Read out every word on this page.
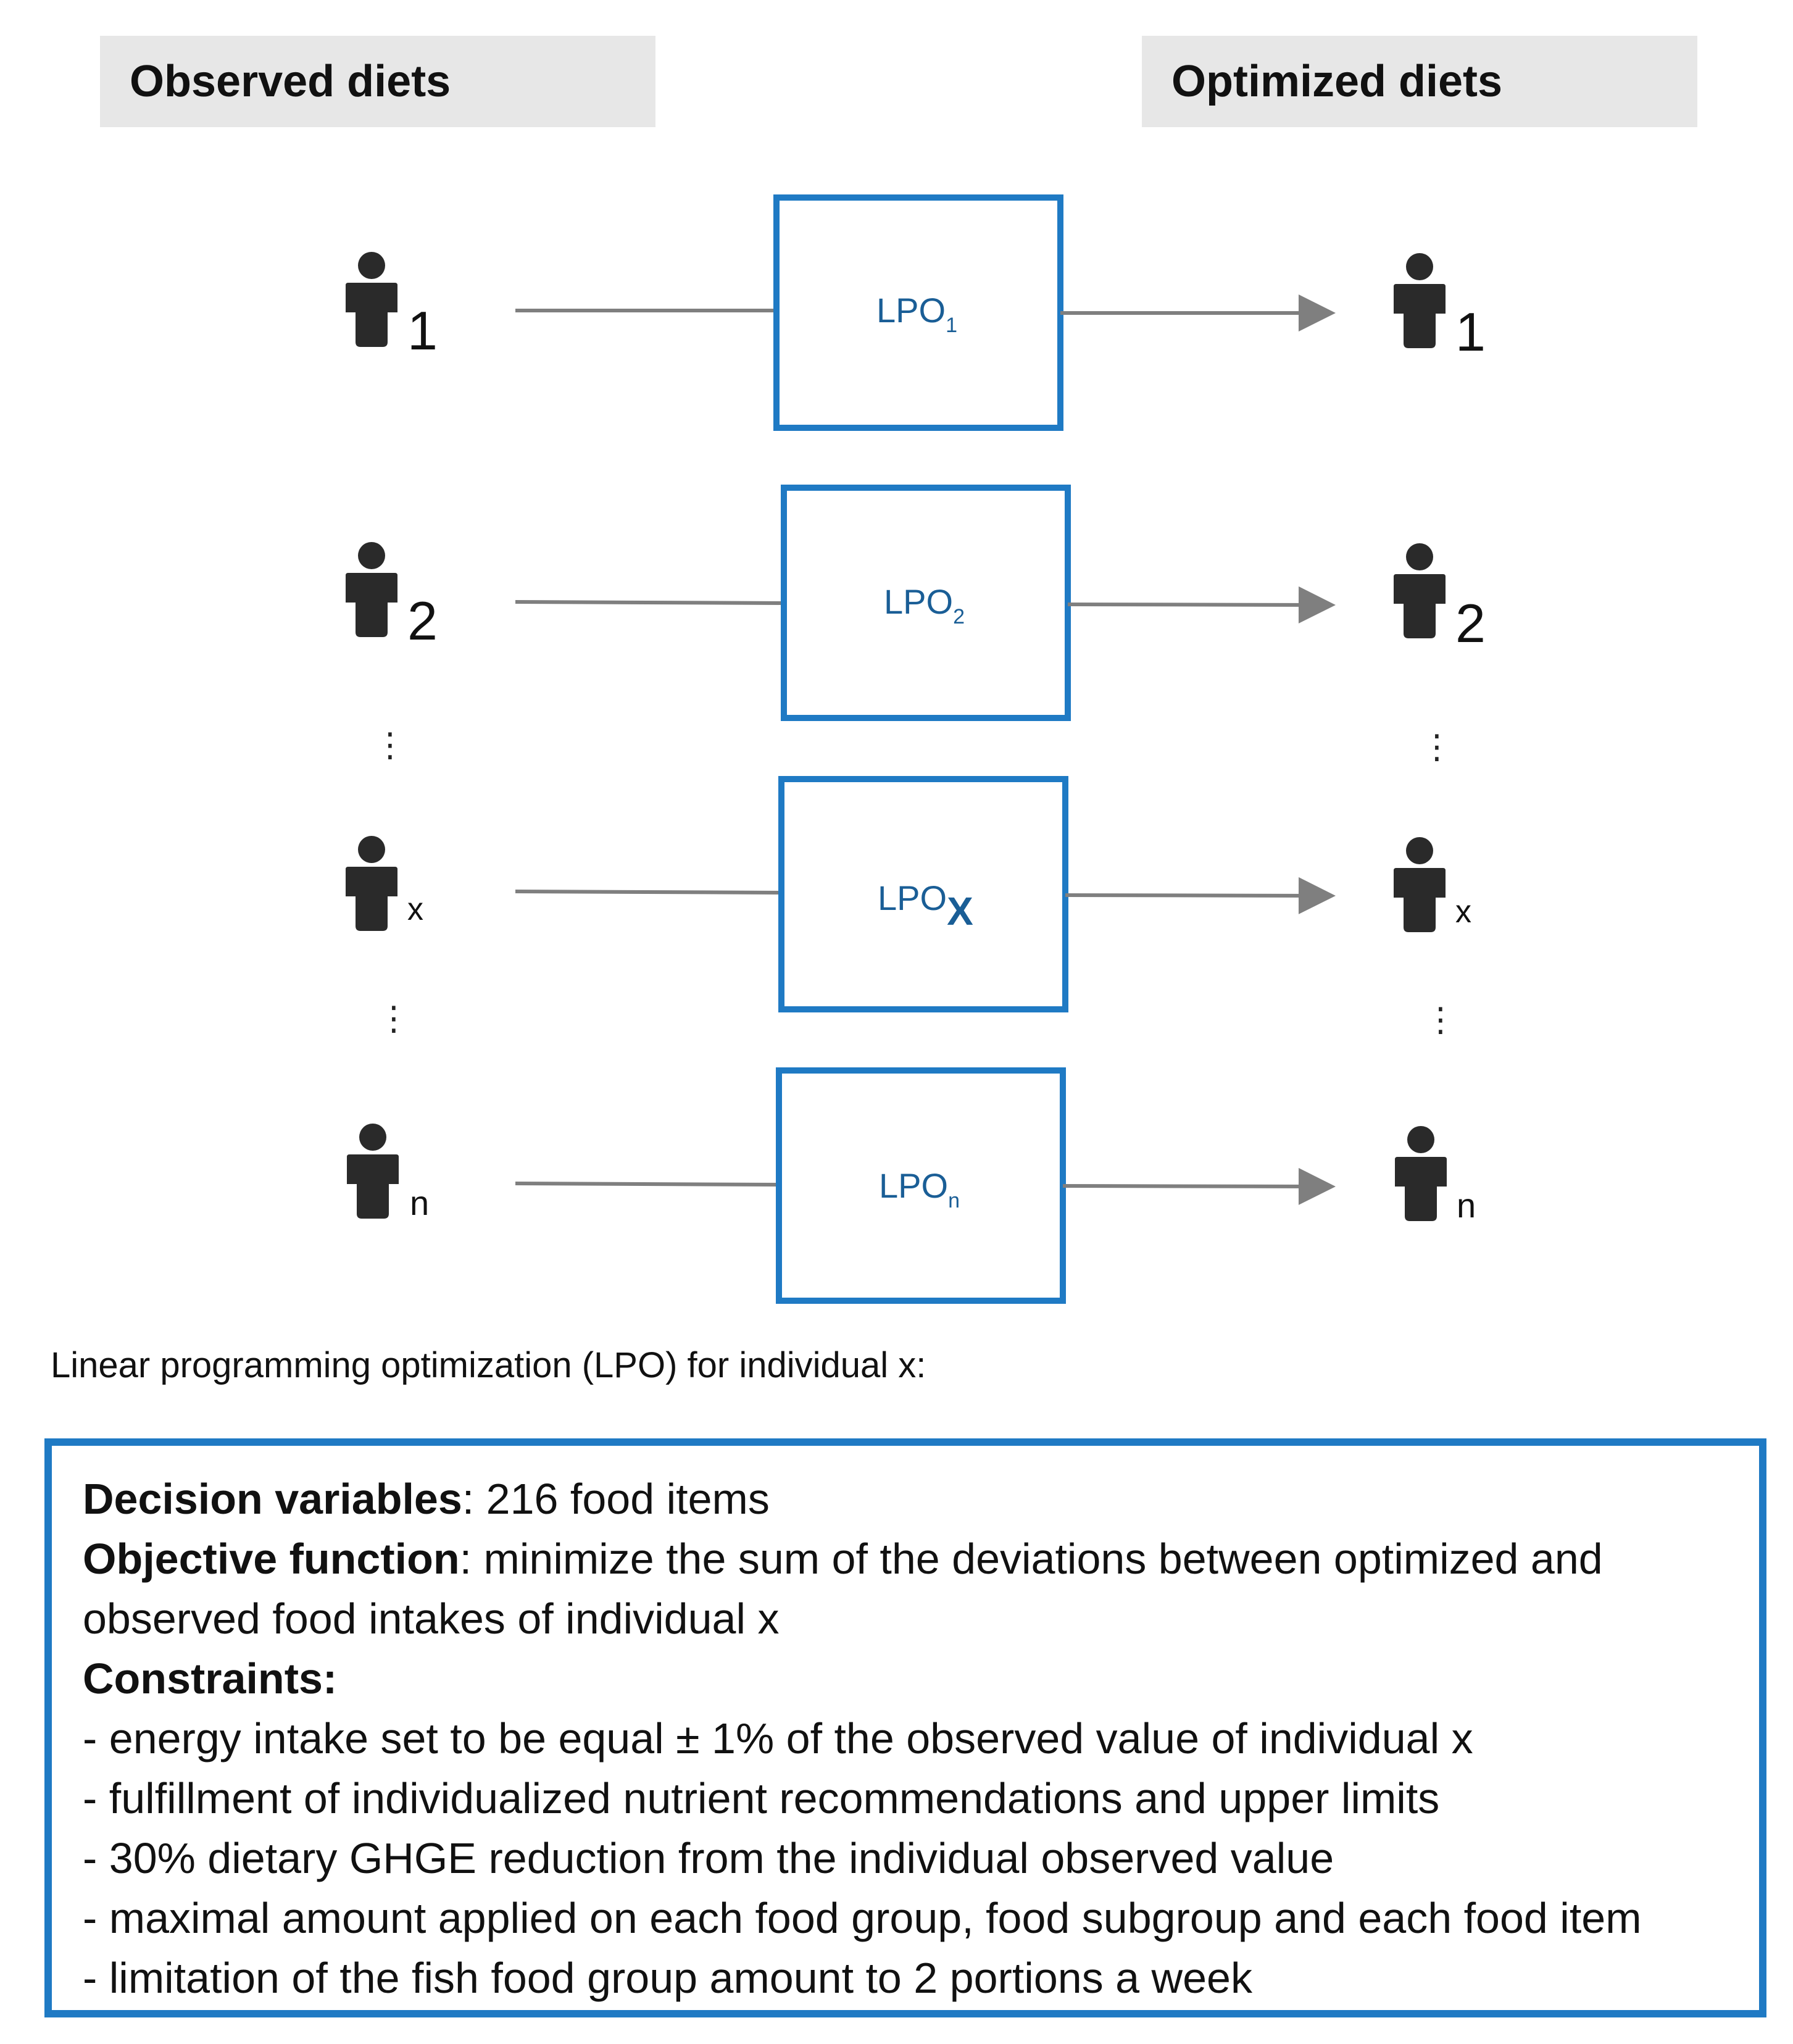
Observed diets	Optimized diets
1	$LPO_1$	1
2	$LPO_2$	2
⋮	⋮
x	LPOX	x
⋮	⋮
n	$LPO_n$	n
Linear programming optimization (LPO) for individual x:
Decision variables: 216 food items
Objective function: minimize the sum of the deviations between optimized and
observed food intakes of individual x
Constraints:
- energy intake set to be equal ± 1% of the observed value of individual x
- fulfillment of individualized nutrient recommendations and upper limits
- 30% dietary GHGE reduction from the individual observed value
- maximal amount applied on each food group, food subgroup and each food item
- limitation of the fish food group amount to 2 portions a week
